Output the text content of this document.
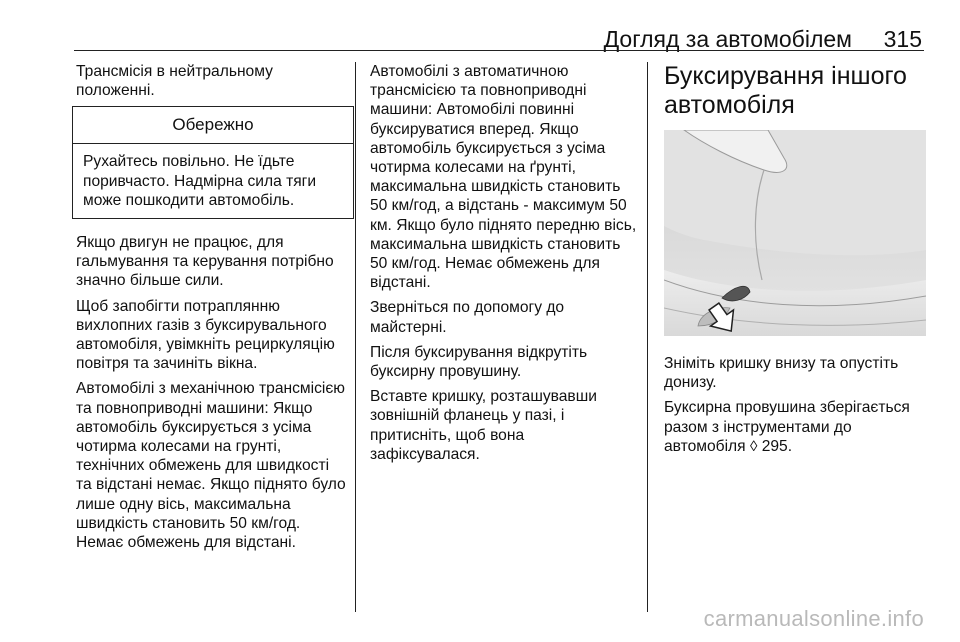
Догляд за автомобілем 315

Трансмісія в нейтральному положенні.

Обережно
Рухайтесь повільно. Не їдьте поривчасто. Надмірна сила тяги може пошкодити автомобіль.

Якщо двигун не працює, для гальмування та керування потрібно значно більше сили.

Щоб запобігти потраплянню вихлопних газів з буксирувального автомобіля, увімкніть рециркуляцію повітря та зачиніть вікна.

Автомобілі з механічною трансмісією та повноприводні машини: Якщо автомобіль буксирується з усіма чотирма колесами на грунті, технічних обмежень для швидкості та відстані немає. Якщо піднято було лише одну вісь, максимальна швидкість становить 50 км/год. Немає обмежень для відстані.

Автомобілі з автоматичною трансмісією та повноприводні машини: Автомобілі повинні буксируватися вперед. Якщо автомобіль буксирується з усіма чотирма колесами на ґрунті, максимальна швидкість становить 50 км/год, а відстань - максимум 50 км. Якщо було піднято передню вісь, максимальна швидкість становить 50 км/год. Немає обмежень для відстані.

Зверніться по допомогу до майстерні.

Після буксирування відкрутіть буксирну провушину.

Вставте кришку, розташувавши зовнішній фланець у пазі, і притисніть, щоб вона зафіксувалася.

Буксирування іншого автомобіля

Зніміть кришку внизу та опустіть донизу.

Буксирна провушина зберігається разом з інструментами до автомобіля ◊ 295.

carmanualsonline.info
